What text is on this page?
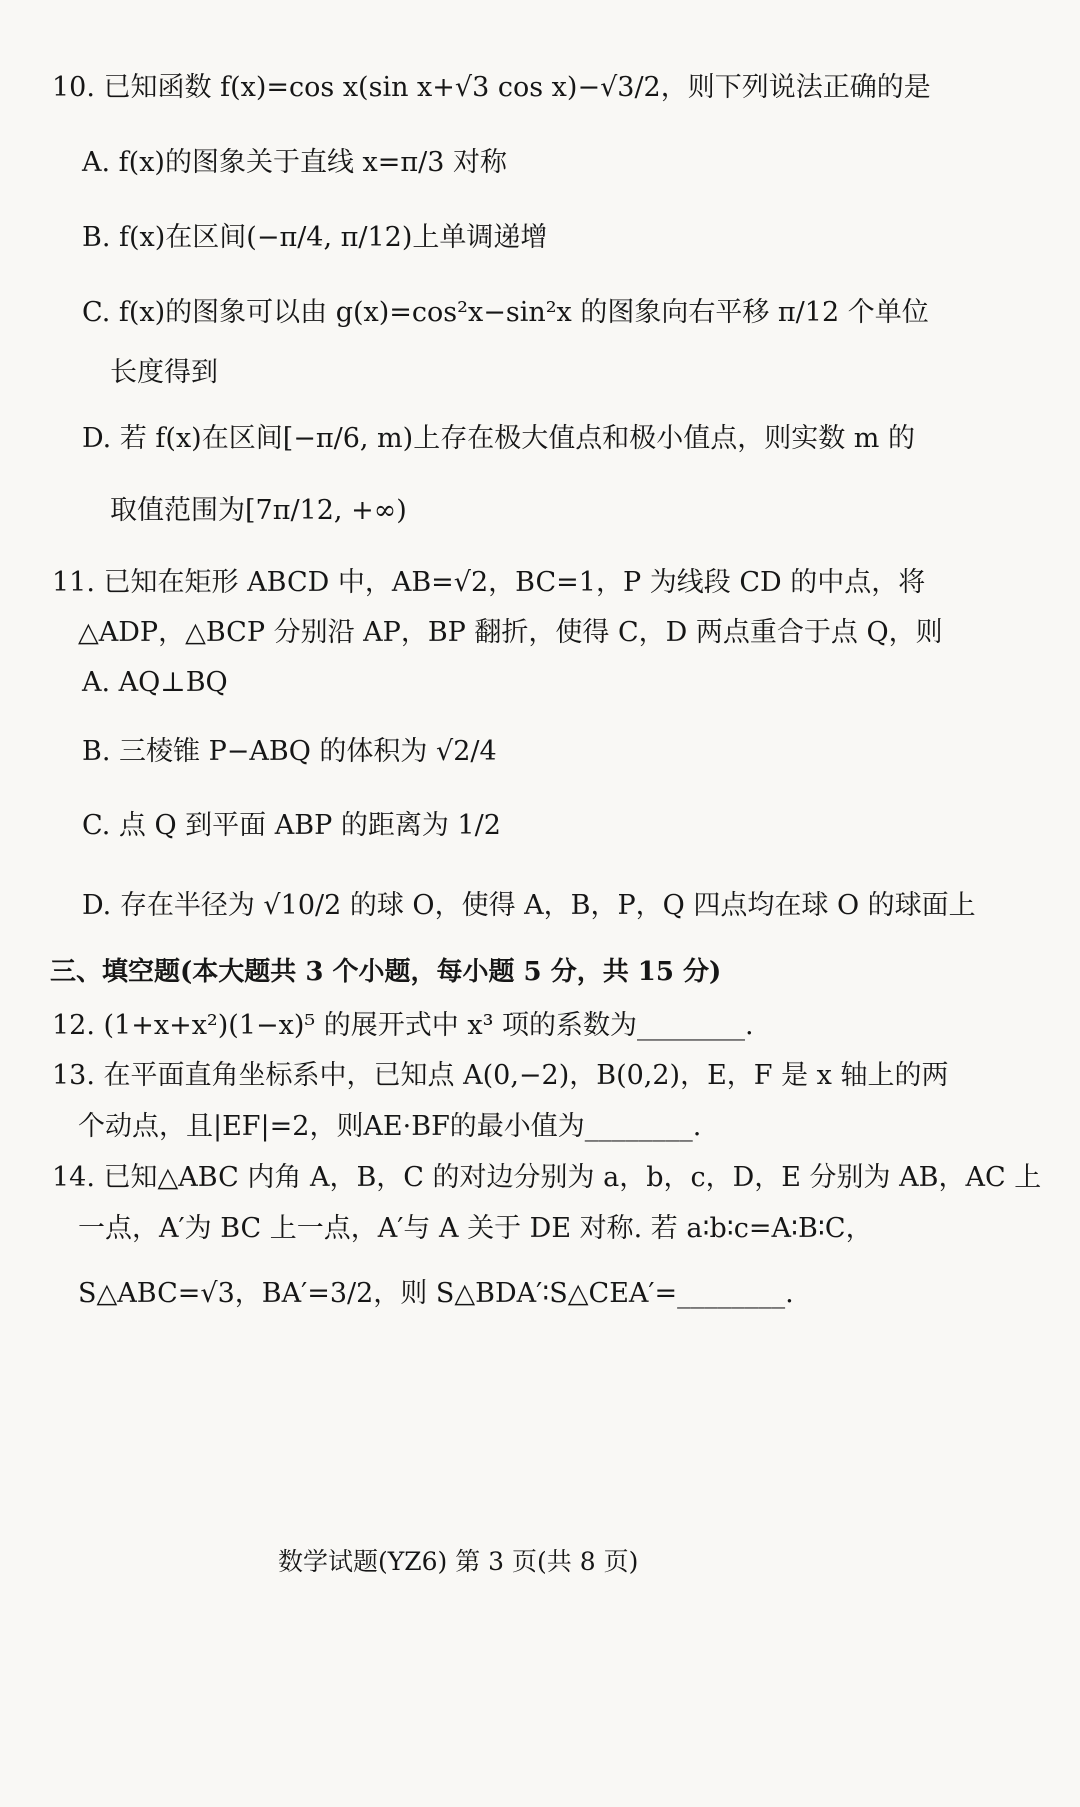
10. 已知函数 f(x)=cos x(sin x+√3 cos x)−√3/2，则下列说法正确的是
A. f(x)的图象关于直线 x=π/3 对称
B. f(x)在区间(−π/4, π/12)上单调递增
C. f(x)的图象可以由 g(x)=cos²x−sin²x 的图象向右平移 π/12 个单位
长度得到
D. 若 f(x)在区间[−π/6, m)上存在极大值点和极小值点，则实数 m 的
取值范围为[7π/12, +∞)
11. 已知在矩形 ABCD 中，AB=√2，BC=1，P 为线段 CD 的中点，将
△ADP，△BCP 分别沿 AP，BP 翻折，使得 C，D 两点重合于点 Q，则
A. AQ⊥BQ
B. 三棱锥 P−ABQ 的体积为 √2/4
C. 点 Q 到平面 ABP 的距离为 1/2
D. 存在半径为 √10/2 的球 O，使得 A，B，P，Q 四点均在球 O 的球面上
三、填空题(本大题共 3 个小题，每小题 5 分，共 15 分)
12. (1+x+x²)(1−x)⁵ 的展开式中 x³ 项的系数为________.
13. 在平面直角坐标系中，已知点 A(0,−2)，B(0,2)，E，F 是 x 轴上的两
个动点，且|EF|=2，则AE·BF的最小值为________.
14. 已知△ABC 内角 A，B，C 的对边分别为 a，b，c，D，E 分别为 AB，AC 上
一点，A′为 BC 上一点，A′与 A 关于 DE 对称. 若 a∶b∶c=A∶B∶C，
S△ABC=√3，BA′=3/2，则 S△BDA′∶S△CEA′=________.
数学试题(YZ6) 第 3 页(共 8 页)
